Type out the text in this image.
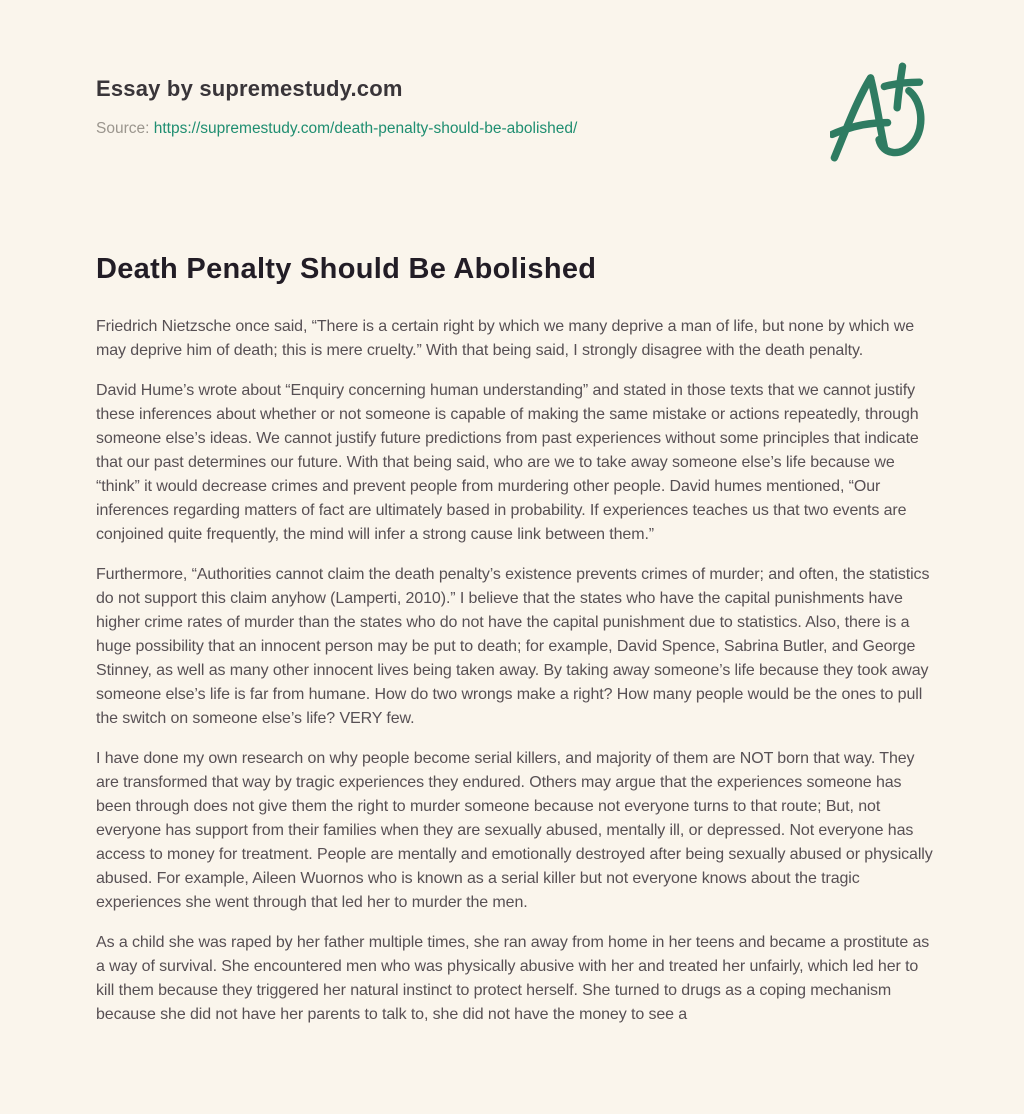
Essay by supremestudy.com
Source: https://supremestudy.com/death-penalty-should-be-abolished/
Death Penalty Should Be Abolished

Friedrich Nietzsche once said, “There is a certain right by which we many deprive a man of life, but none by which we may deprive him of death; this is mere cruelty.” With that being said, I strongly disagree with the death penalty.

David Hume’s wrote about “Enquiry concerning human understanding” and stated in those texts that we cannot justify these inferences about whether or not someone is capable of making the same mistake or actions repeatedly, through someone else’s ideas. We cannot justify future predictions from past experiences without some principles that indicate that our past determines our future. With that being said, who are we to take away someone else’s life because we “think” it would decrease crimes and prevent people from murdering other people. David humes mentioned, “Our inferences regarding matters of fact are ultimately based in probability. If experiences teaches us that two events are conjoined quite frequently, the mind will infer a strong cause link between them.”

Furthermore, “Authorities cannot claim the death penalty’s existence prevents crimes of murder; and often, the statistics do not support this claim anyhow (Lamperti, 2010).” I believe that the states who have the capital punishments have higher crime rates of murder than the states who do not have the capital punishment due to statistics. Also, there is a huge possibility that an innocent person may be put to death; for example, David Spence, Sabrina Butler, and George Stinney, as well as many other innocent lives being taken away. By taking away someone’s life because they took away someone else’s life is far from humane. How do two wrongs make a right? How many people would be the ones to pull the switch on someone else’s life? VERY few.

I have done my own research on why people become serial killers, and majority of them are NOT born that way. They are transformed that way by tragic experiences they endured. Others may argue that the experiences someone has been through does not give them the right to murder someone because not everyone turns to that route; But, not everyone has support from their families when they are sexually abused, mentally ill, or depressed. Not everyone has access to money for treatment. People are mentally and emotionally destroyed after being sexually abused or physically abused. For example, Aileen Wuornos who is known as a serial killer but not everyone knows about the tragic experiences she went through that led her to murder the men.

As a child she was raped by her father multiple times, she ran away from home in her teens and became a prostitute as a way of survival. She encountered men who was physically abusive with her and treated her unfairly, which led her to kill them because they triggered her natural instinct to protect herself. She turned to drugs as a coping mechanism because she did not have her parents to talk to, she did not have the money to see a
